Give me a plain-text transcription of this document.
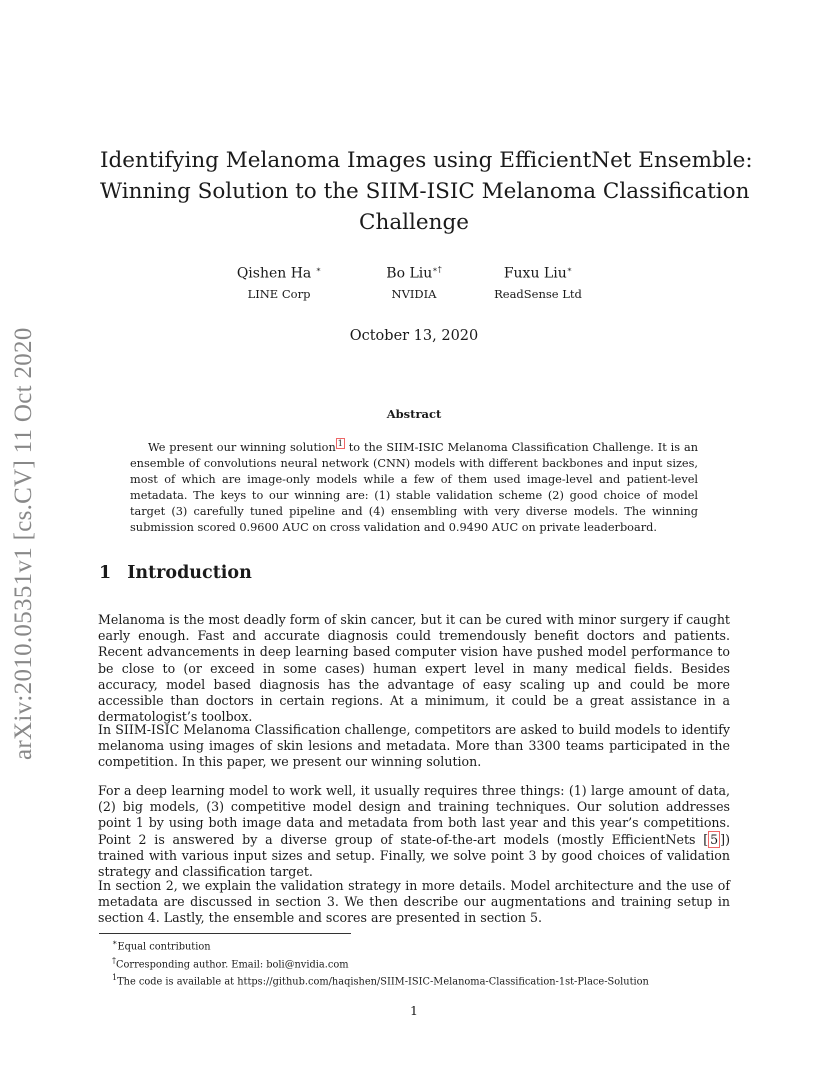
arXiv:2010.05351v1 [cs.CV] 11 Oct 2020
Identifying Melanoma Images using EfficientNet Ensemble:
Winning Solution to the SIIM-ISIC Melanoma Classification
Challenge
Qishen Ha ∗
LINE Corp
Bo Liu∗†
NVIDIA
Fuxu Liu∗
ReadSense Ltd
October 13, 2020
Abstract
We present our winning solution $^1$ to the SIIM-ISIC Melanoma Classification Challenge. It is an ensemble of convolutions neural network (CNN) models with different backbones and input sizes, most of which are image-only models while a few of them used image-level and patient-level metadata. The keys to our winning are: (1) stable validation scheme (2) good choice of model target (3) carefully tuned pipeline and (4) ensembling with very diverse models. The winning submission scored 0.9600 AUC on cross validation and 0.9490 AUC on private leaderboard.
1 Introduction

Melanoma is the most deadly form of skin cancer, but it can be cured with minor surgery if caught early enough. Fast and accurate diagnosis could tremendously benefit doctors and patients. Recent advancements in deep learning based computer vision have pushed model performance to be close to (or exceed in some cases) human expert level in many medical fields. Besides accuracy, model based diagnosis has the advantage of easy scaling up and could be more accessible than doctors in certain regions. At a minimum, it could be a great assistance in a dermatologist’s toolbox.

In SIIM-ISIC Melanoma Classification challenge, competitors are asked to build models to identify melanoma using images of skin lesions and metadata. More than 3300 teams participated in the competition. In this paper, we present our winning solution.

For a deep learning model to work well, it usually requires three things: (1) large amount of data, (2) big models, (3) competitive model design and training techniques. Our solution addresses point 1 by using both image data and metadata from both last year and this year’s competitions. Point 2 is answered by a diverse group of state-of-the-art models (mostly EfficientNets [ 5 ]) trained with various input sizes and setup. Finally, we solve point 3 by good choices of validation strategy and classification target.

In section 2, we explain the validation strategy in more details. Model architecture and the use of metadata are discussed in section 3. We then describe our augmentations and training setup in section 4. Lastly, the ensemble and scores are presented in section 5.

∗Equal contribution
†Corresponding author. Email: boli@nvidia.com
$^1$The code is available at https://github.com/haqishen/SIIM-ISIC-Melanoma-Classification-1st-Place-Solution
1
